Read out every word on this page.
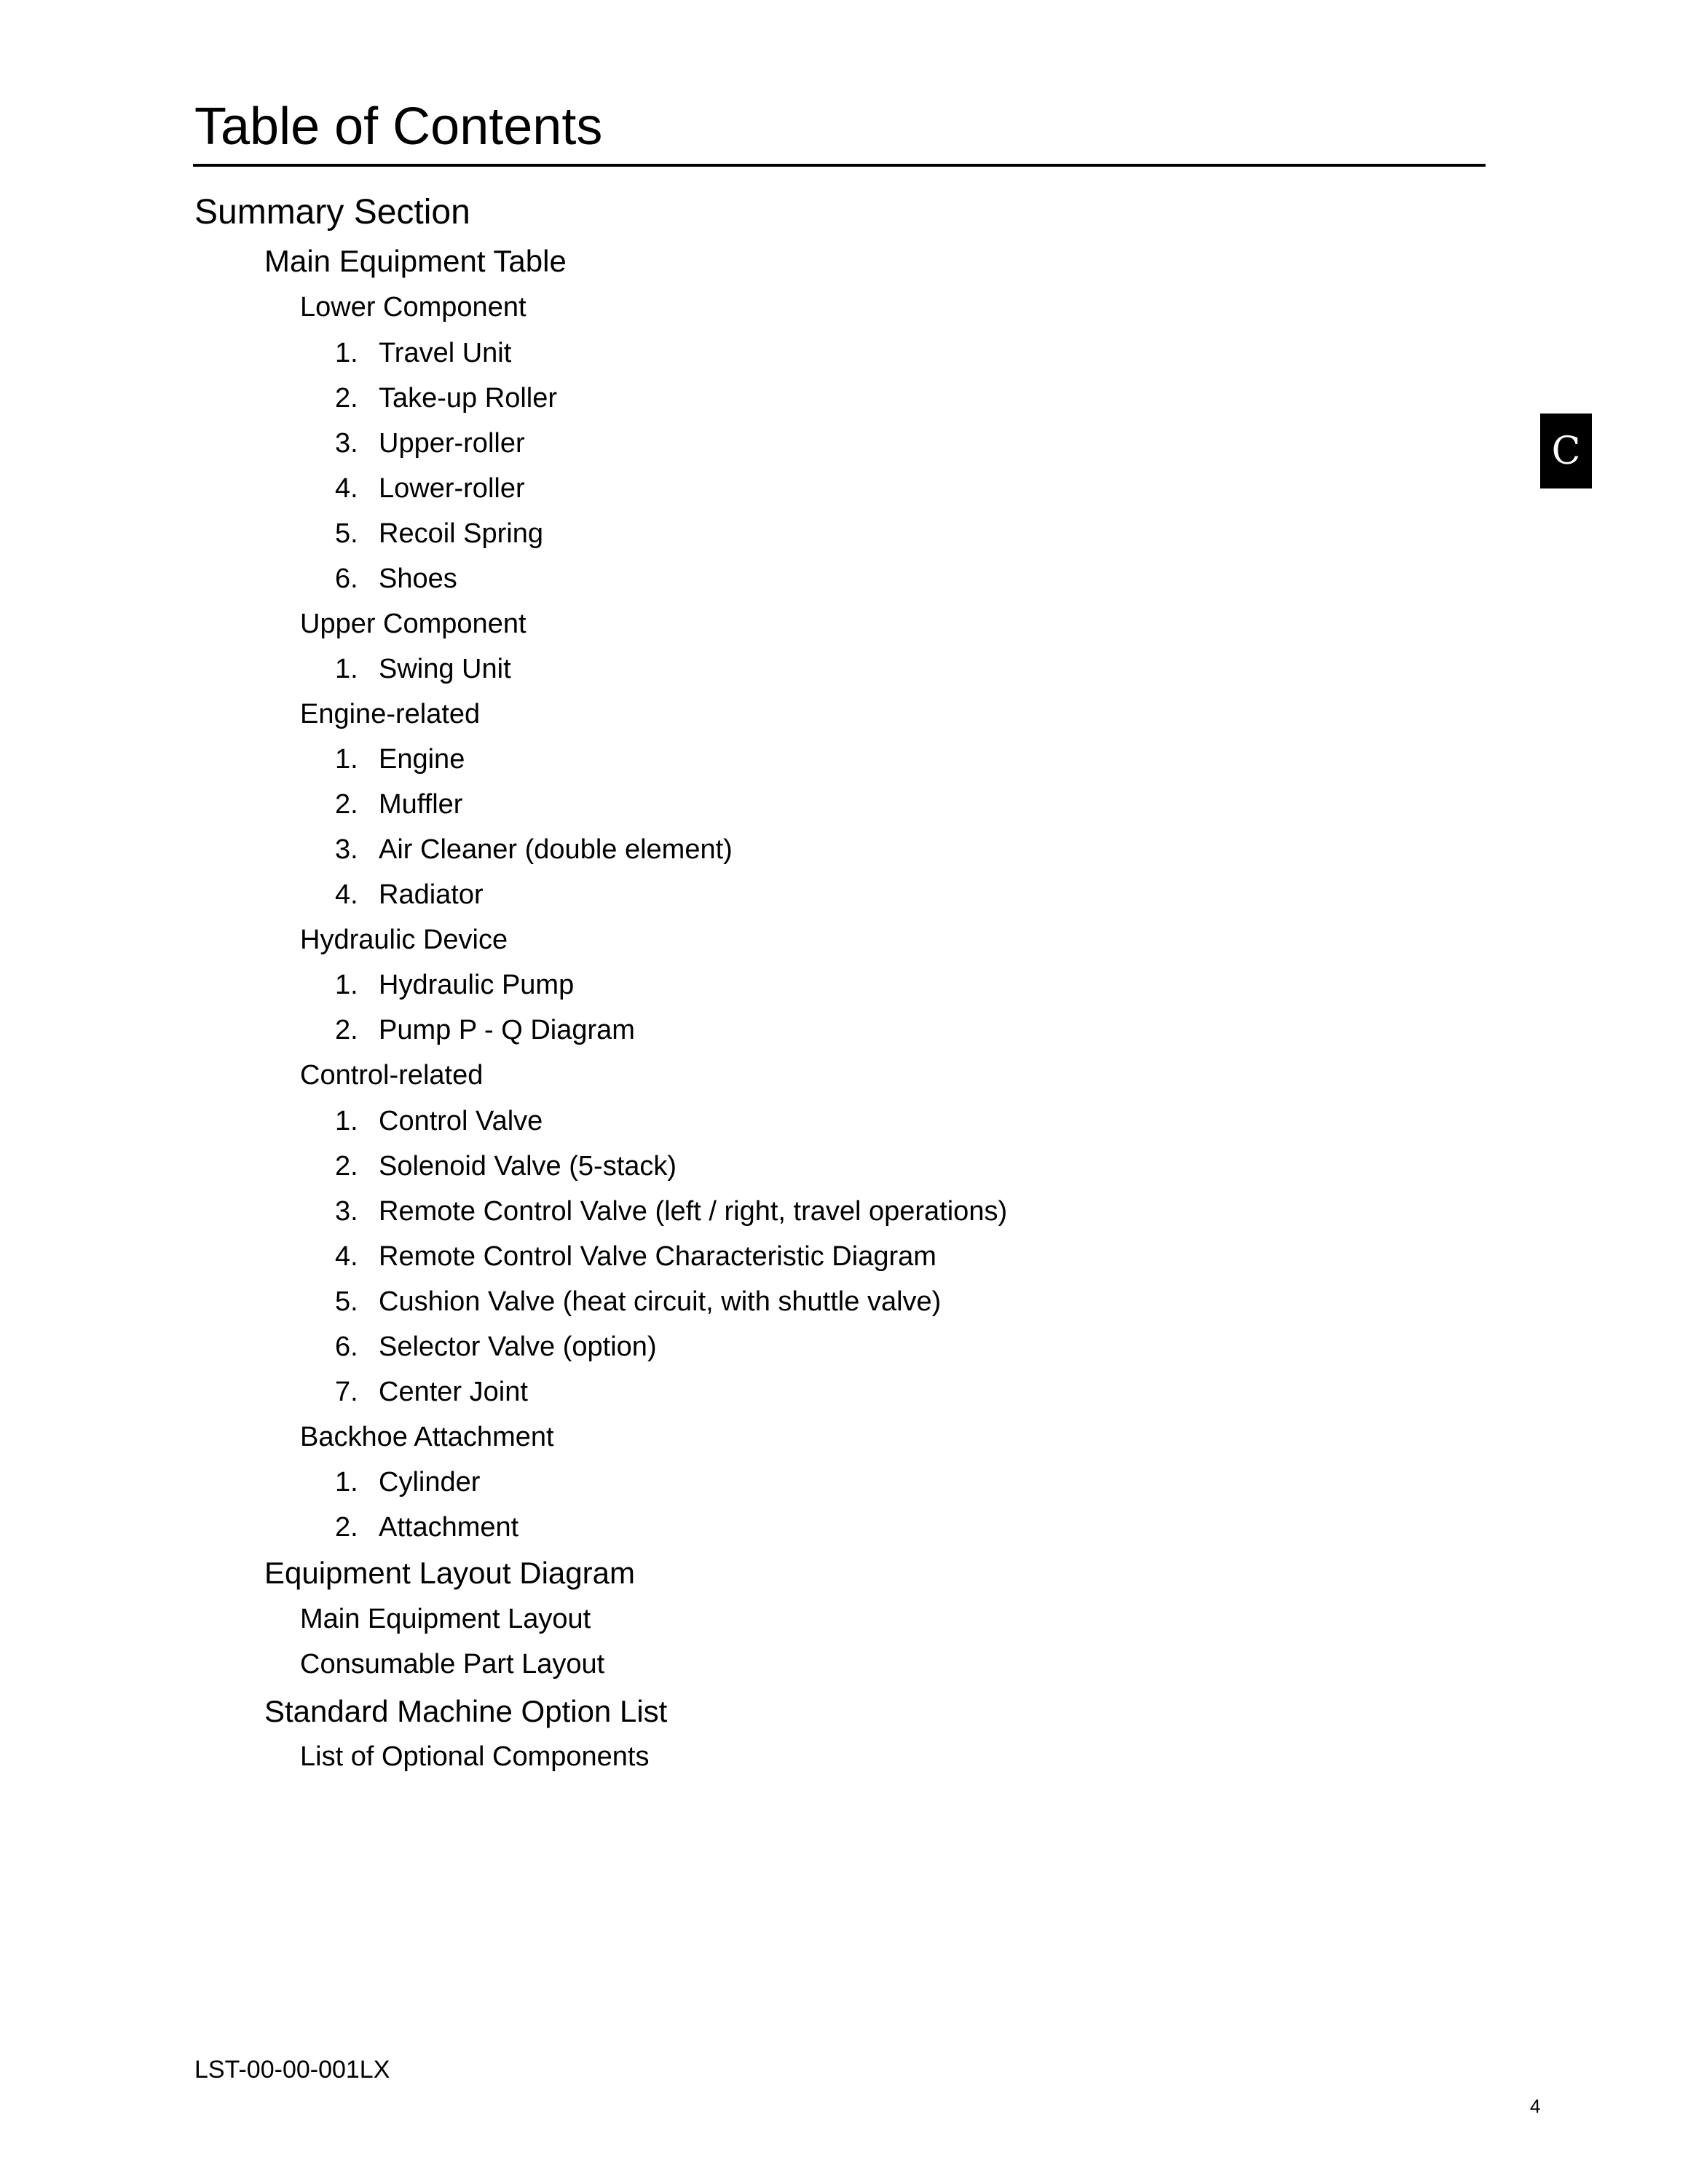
Table of Contents
C
Summary Section
Main Equipment Table
Lower Component
1. Travel Unit
2. Take-up Roller
3. Upper-roller
4. Lower-roller
5. Recoil Spring
6. Shoes
Upper Component
1. Swing Unit
Engine-related
1. Engine
2. Muffler
3. Air Cleaner (double element)
4. Radiator
Hydraulic Device
1. Hydraulic Pump
2. Pump P - Q Diagram
Control-related
1. Control Valve
2. Solenoid Valve (5-stack)
3. Remote Control Valve (left / right, travel operations)
4. Remote Control Valve Characteristic Diagram
5. Cushion Valve (heat circuit, with shuttle valve)
6. Selector Valve (option)
7. Center Joint
Backhoe Attachment
1. Cylinder
2. Attachment
Equipment Layout Diagram
Main Equipment Layout
Consumable Part Layout
Standard Machine Option List
List of Optional Components
LST-00-00-001LX
4
